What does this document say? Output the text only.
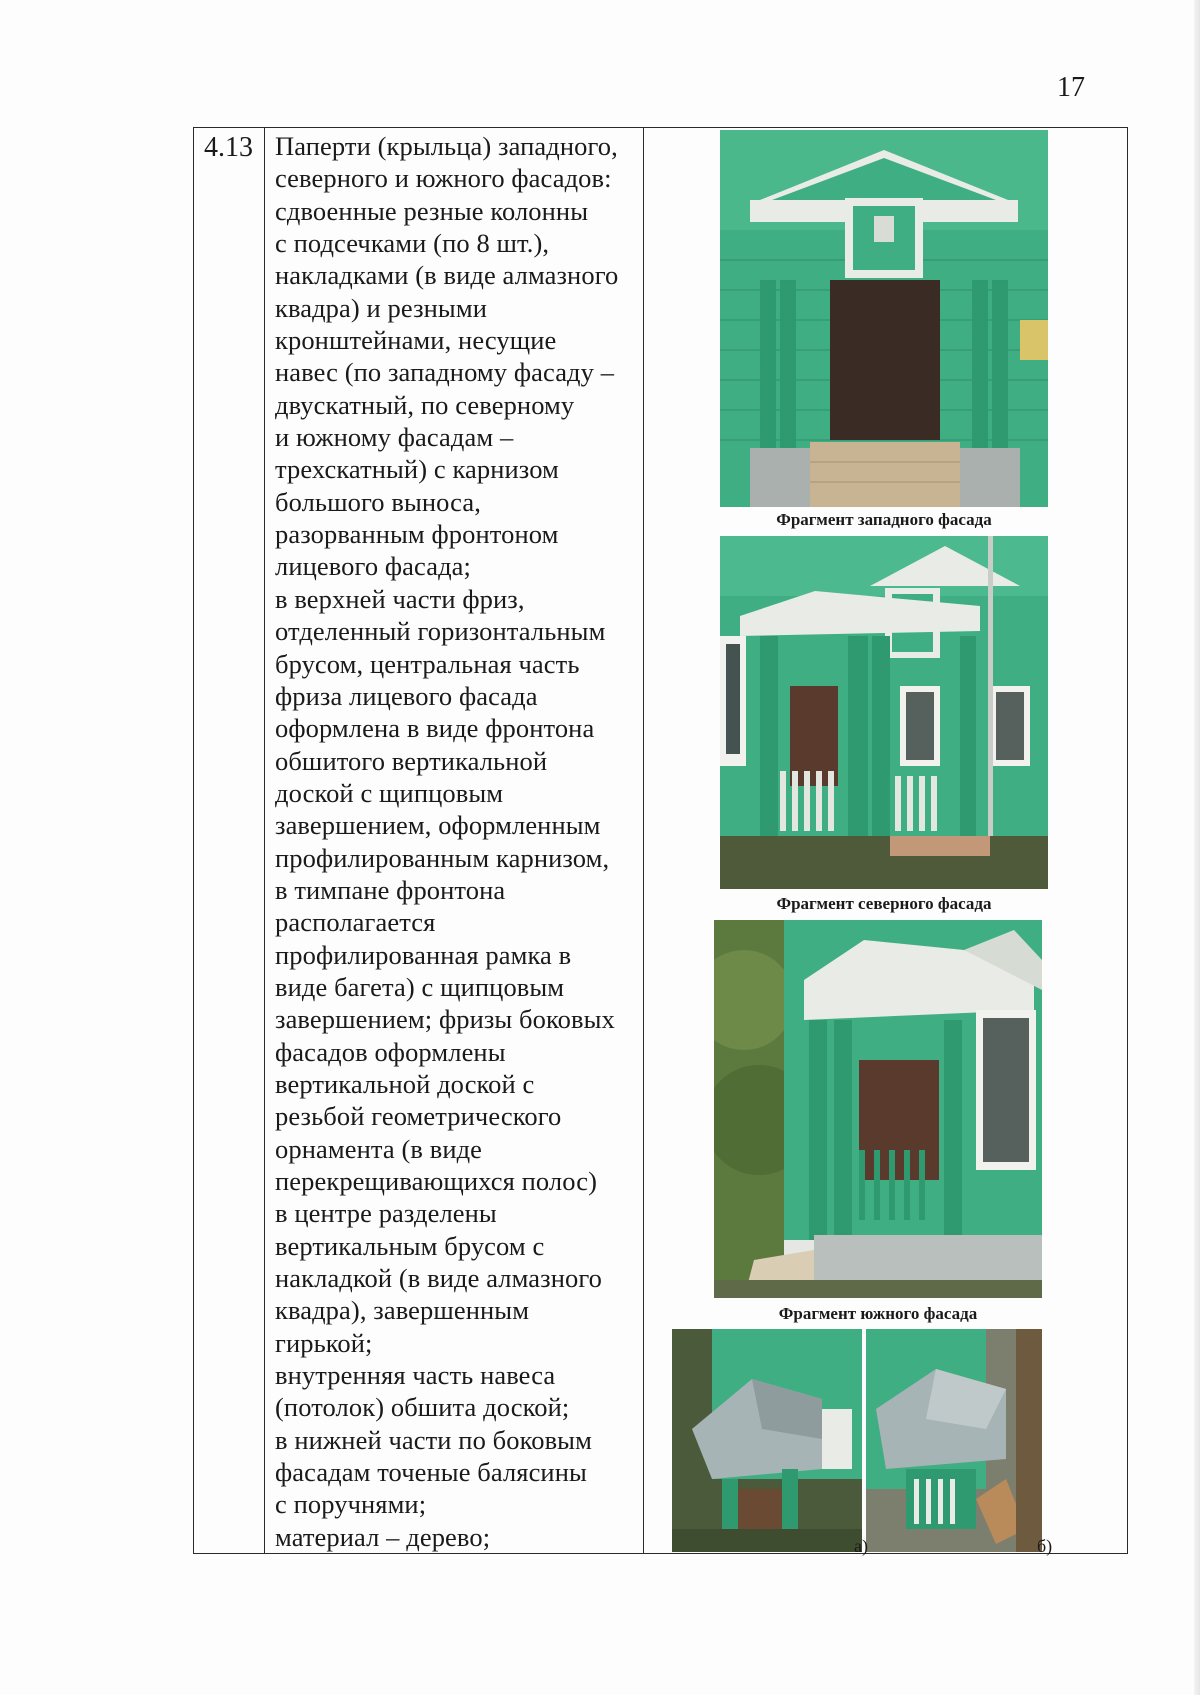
17
4.13	Паперти (крыльца) западного,
северного и южного фасадов:
сдвоенные резные колонны
с подсечками (по 8 шт.),
накладками (в виде алмазного
квадра) и резными
кронштейнами, несущие
навес (по западному фасаду –
двускатный, по северному
и южному фасадам –
трехскатный) с карнизом
большого выноса,
разорванным фронтоном
лицевого фасада;
в верхней части фриз,
отделенный горизонтальным
брусом, центральная часть
фриза лицевого фасада
оформлена в виде фронтона
обшитого вертикальной
доской с щипцовым
завершением, оформленным
профилированным карнизом,
в тимпане фронтона
располагается
профилированная рамка в
виде багета) с щипцовым
завершением; фризы боковых
фасадов оформлены
вертикальной доской с
резьбой геометрического
орнамента (в виде
перекрещивающихся полос)
в центре разделены
вертикальным брусом с
накладкой (в виде алмазного
квадра), завершенным
гирькой;
внутренняя часть навеса
(потолок) обшита доской;
в нижней части по боковым
фасадам точеные балясины
с поручнями;
материал – дерево;

Фрагмент западного фасада
Фрагмент северного фасада
Фрагмент южного фасада
а)	б)
